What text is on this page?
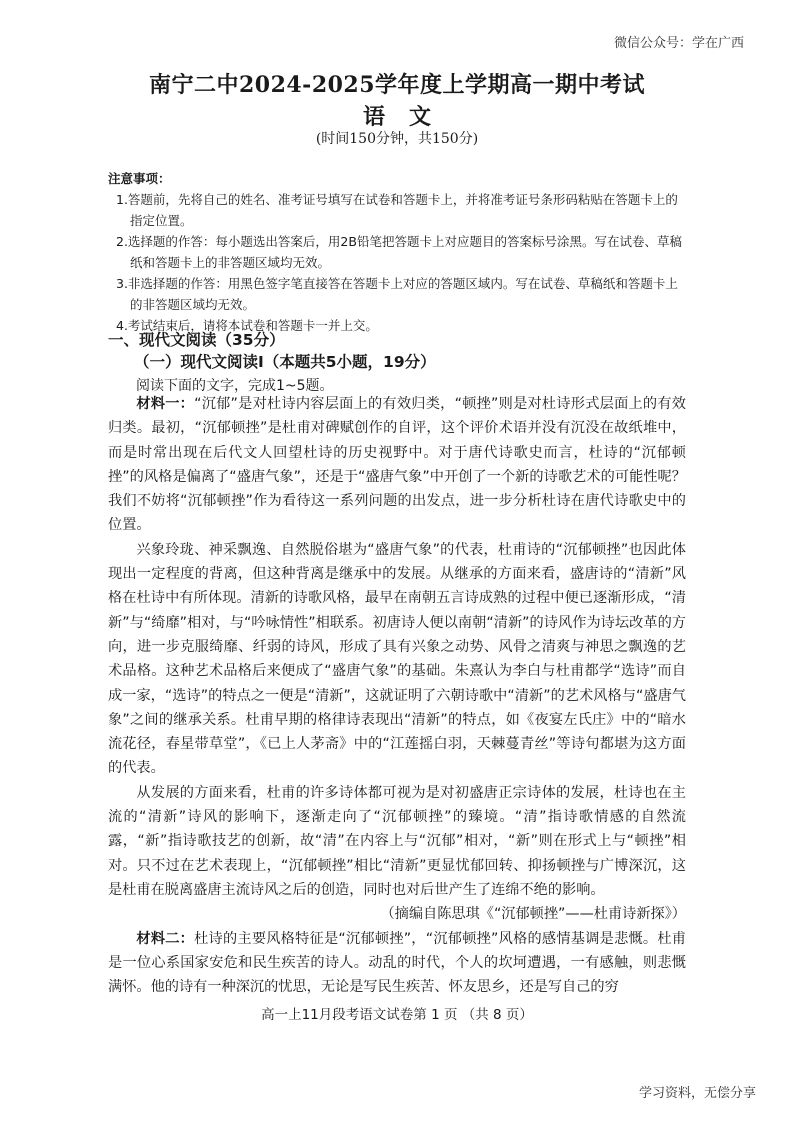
微信公众号：学在广西
南宁二中2024-2025学年度上学期高一期中考试
语文
(时间150分钟，共150分)
注意事项：
1.答题前，先将自己的姓名、准考证号填写在试卷和答题卡上，并将准考证号条形码粘贴在答题卡上的指定位置。
2.选择题的作答：每小题选出答案后，用2B铅笔把答题卡上对应题目的答案标号涂黑。写在试卷、草稿纸和答题卡上的非答题区域均无效。
3.非选择题的作答：用黑色签字笔直接答在答题卡上对应的答题区域内。写在试卷、草稿纸和答题卡上的非答题区域均无效。
4.考试结束后，请将本试卷和答题卡一并上交。
一、现代文阅读（35分）
（一）现代文阅读Ⅰ（本题共5小题，19分）
阅读下面的文字，完成1~5题。

材料一：“沉郁”是对杜诗内容层面上的有效归类，“顿挫”则是对杜诗形式层面上的有效归类。最初，“沉郁顿挫”是杜甫对碑赋创作的自评，这个评价术语并没有沉没在故纸堆中，而是时常出现在后代文人回望杜诗的历史视野中。对于唐代诗歌史而言，杜诗的“沉郁顿挫”的风格是偏离了“盛唐气象”，还是于“盛唐气象”中开创了一个新的诗歌艺术的可能性呢？我们不妨将“沉郁顿挫”作为看待这一系列问题的出发点，进一步分析杜诗在唐代诗歌史中的位置。

兴象玲珑、神采飘逸、自然脱俗堪为“盛唐气象”的代表，杜甫诗的“沉郁顿挫”也因此体现出一定程度的背离，但这种背离是继承中的发展。从继承的方面来看，盛唐诗的“清新”风格在杜诗中有所体现。清新的诗歌风格，最早在南朝五言诗成熟的过程中便已逐渐形成，“清新”与“绮靡”相对，与“吟咏情性”相联系。初唐诗人便以南朝“清新”的诗风作为诗坛改革的方向，进一步克服绮靡、纤弱的诗风，形成了具有兴象之动势、风骨之清爽与神思之飘逸的艺术品格。这种艺术品格后来便成了“盛唐气象”的基础。朱熹认为李白与杜甫都学“选诗”而自成一家，“选诗”的特点之一便是“清新”，这就证明了六朝诗歌中“清新”的艺术风格与“盛唐气象”之间的继承关系。杜甫早期的格律诗表现出“清新”的特点，如《夜宴左氏庄》中的“暗水流花径，春星带草堂”，《已上人茅斋》中的“江莲摇白羽，天棘蔓青丝”等诗句都堪为这方面的代表。

从发展的方面来看，杜甫的许多诗体都可视为是对初盛唐正宗诗体的发展，杜诗也在主流的“清新”诗风的影响下，逐渐走向了“沉郁顿挫”的臻境。“清”指诗歌情感的自然流露，“新”指诗歌技艺的创新，故“清”在内容上与“沉郁”相对，“新”则在形式上与“顿挫”相对。只不过在艺术表现上，“沉郁顿挫”相比“清新”更显忧郁回转、抑扬顿挫与广博深沉，这是杜甫在脱离盛唐主流诗风之后的创造，同时也对后世产生了连绵不绝的影响。

（摘编自陈思琪《“沉郁顿挫”——杜甫诗新探》）

材料二：杜诗的主要风格特征是“沉郁顿挫”，“沉郁顿挫”风格的感情基调是悲慨。杜甫是一位心系国家安危和民生疾苦的诗人。动乱的时代，个人的坎坷遭遇，一有感触，则悲慨满怀。他的诗有一种深沉的忧思，无论是写民生疾苦、怀友思乡，还是写自己的穷

高一上11月段考语文试卷第 1 页 （共 8 页）
学习资料，无偿分享
